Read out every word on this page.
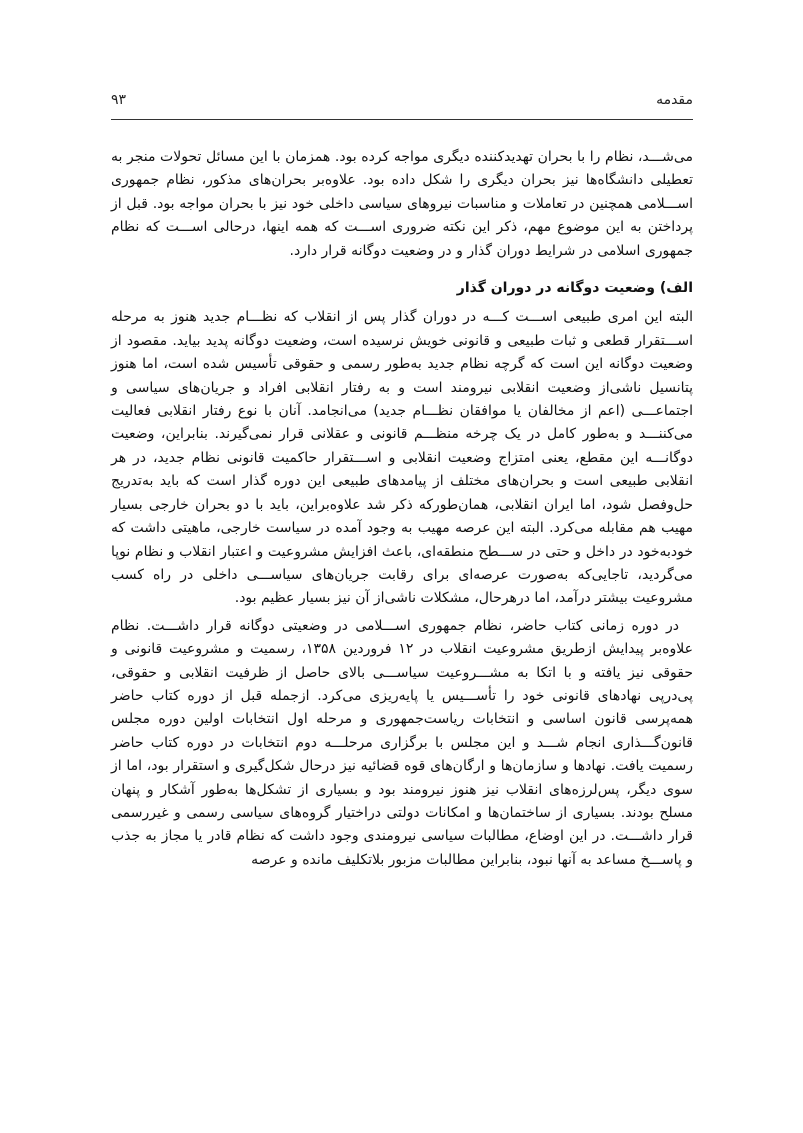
مقدمه
۹۳

می‌شـــد، نظام را با بحران تهدیدکننده دیگری مواجه کرده بود. همزمان با این مسائل تحولات منجر به تعطیلی دانشگاه‌ها نیز بحران دیگری را شکل داده بود. علاوه‌بر بحران‌های مذکور، نظام جمهوری اســـلامی همچنین در تعاملات و مناسبات نیروهای سیاسی داخلی خود نیز با بحران مواجه بود. قبل از پرداختن به این موضوع مهم، ذکر این نکته ضروری اســـت که همه اینها، درحالی اســـت که نظام جمهوری اسلامی در شرایط دوران گذار و در وضعیت دوگانه قرار دارد.

الف) وضعیت دوگانه در دوران گذار

البته این امری طبیعی اســـت کـــه در دوران گذار پس از انقلاب که نظـــام جدید هنوز به مرحله اســـتقرار قطعی و ثبات طبیعی و قانونی خویش نرسیده است، وضعیت دوگانه پدید بیاید. مقصود از وضعیت دوگانه این است که گرچه نظام جدید به‌طور رسمی و حقوقی تأسیس شده است، اما هنوز پتانسیل ناشی‌از وضعیت انقلابی نیرومند است و به رفتار انقلابی افراد و جریان‌های سیاسی و اجتماعـــی (اعم از مخالفان یا موافقان نظـــام جدید) می‌انجامد. آنان با نوع رفتار انقلابی فعالیت می‌کننـــد و به‌طور کامل در یک چرخه منظـــم قانونی و عقلانی قرار نمی‌گیرند. بنابراین، وضعیت دوگانـــه این مقطع، یعنی امتزاج وضعیت انقلابی و اســـتقرار حاکمیت قانونی نظام جدید، در هر انقلابی طبیعی است و بحران‌های مختلف از پیامدهای طبیعی این دوره گذار است که باید به‌تدریج حل‌وفصل شود، اما ایران انقلابی، همان‌طورکه ذکر شد علاوه‌براین، باید با دو بحران خارجی بسیار مهیب هم مقابله می‌کرد. البته این عرصه مهیب به وجود آمده در سیاست خارجی، ماهیتی داشت که خودبه‌خود در داخل و حتی در ســـطح منطقه‌ای، باعث افزایش مشروعیت و اعتبار انقلاب و نظام نوپا می‌گردید، تاجایی‌که به‌صورت عرصه‌ای برای رقابت جریان‌های سیاســـی داخلی در راه کسب مشروعیت بیشتر درآمد، اما درهرحال، مشکلات ناشی‌از آن نیز بسیار عظیم بود.

در دوره زمانی کتاب حاضر، نظام جمهوری اســـلامی در وضعیتی دوگانه قرار داشـــت. نظام علاوه‌بر پیدایش ازطریق مشروعیت انقلاب در ۱۲ فروردین ۱۳۵۸، رسمیت و مشروعیت قانونی و حقوقی نیز یافته و با اتکا به مشـــروعیت سیاســـی بالای حاصل از ظرفیت انقلابی و حقوقی، پی‌درپی نهادهای قانونی خود را تأســـیس یا پایه‌ریزی می‌کرد. ازجمله قبل از دوره کتاب حاضر همه‌پرسی قانون اساسی و انتخابات ریاست‌جمهوری و مرحله اول انتخابات اولین دوره مجلس قانون‌گـــذاری انجام شـــد و این مجلس با برگزاری مرحلـــه دوم انتخابات در دوره کتاب حاضر رسمیت یافت. نهادها و سازمان‌ها و ارگان‌های قوه قضائیه نیز درحال شکل‌گیری و استقرار بود، اما از سوی دیگر، پس‌لرزه‌های انقلاب نیز هنوز نیرومند بود و بسیاری از تشکل‌ها به‌طور آشکار و پنهان مسلح بودند. بسیاری از ساختمان‌ها و امکانات دولتی دراختیار گروه‌های سیاسی رسمی و غیررسمی قرار داشـــت. در این اوضاع، مطالبات سیاسی نیرومندی وجود داشت که نظام قادر یا مجاز به جذب و پاســـخ مساعد به آنها نبود، بنابراین مطالبات مزبور بلاتکلیف مانده و عرصه
